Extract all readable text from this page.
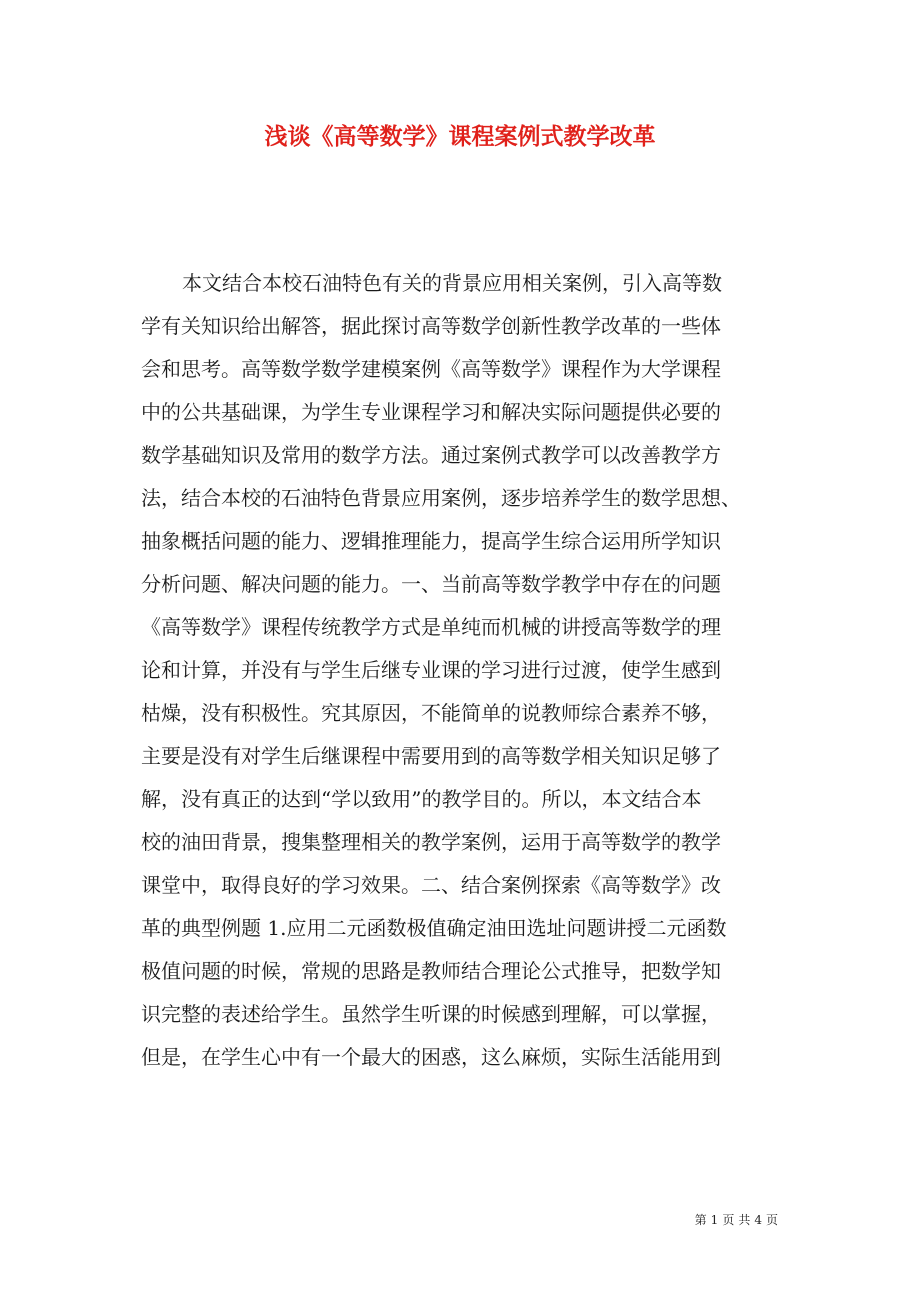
浅谈《高等数学》课程案例式教学改革
本文结合本校石油特色有关的背景应用相关案例，引入高等数
学有关知识给出解答，据此探讨高等数学创新性教学改革的一些体
会和思考。高等数学数学建模案例《高等数学》课程作为大学课程
中的公共基础课，为学生专业课程学习和解决实际问题提供必要的
数学基础知识及常用的数学方法。通过案例式教学可以改善教学方
法，结合本校的石油特色背景应用案例，逐步培养学生的数学思想、
抽象概括问题的能力、逻辑推理能力，提高学生综合运用所学知识
分析问题、解决问题的能力。一、当前高等数学教学中存在的问题
《高等数学》课程传统教学方式是单纯而机械的讲授高等数学的理
论和计算，并没有与学生后继专业课的学习进行过渡，使学生感到
枯燥，没有积极性。究其原因，不能简单的说教师综合素养不够，
主要是没有对学生后继课程中需要用到的高等数学相关知识足够了
解，没有真正的达到“学以致用”的教学目的。所以，本文结合本
校的油田背景，搜集整理相关的教学案例，运用于高等数学的教学
课堂中，取得良好的学习效果。二、结合案例探索《高等数学》改
革的典型例题 1.应用二元函数极值确定油田选址问题讲授二元函数
极值问题的时候，常规的思路是教师结合理论公式推导，把数学知
识完整的表述给学生。虽然学生听课的时候感到理解，可以掌握，
但是，在学生心中有一个最大的困惑，这么麻烦，实际生活能用到
第 1 页 共 4 页
